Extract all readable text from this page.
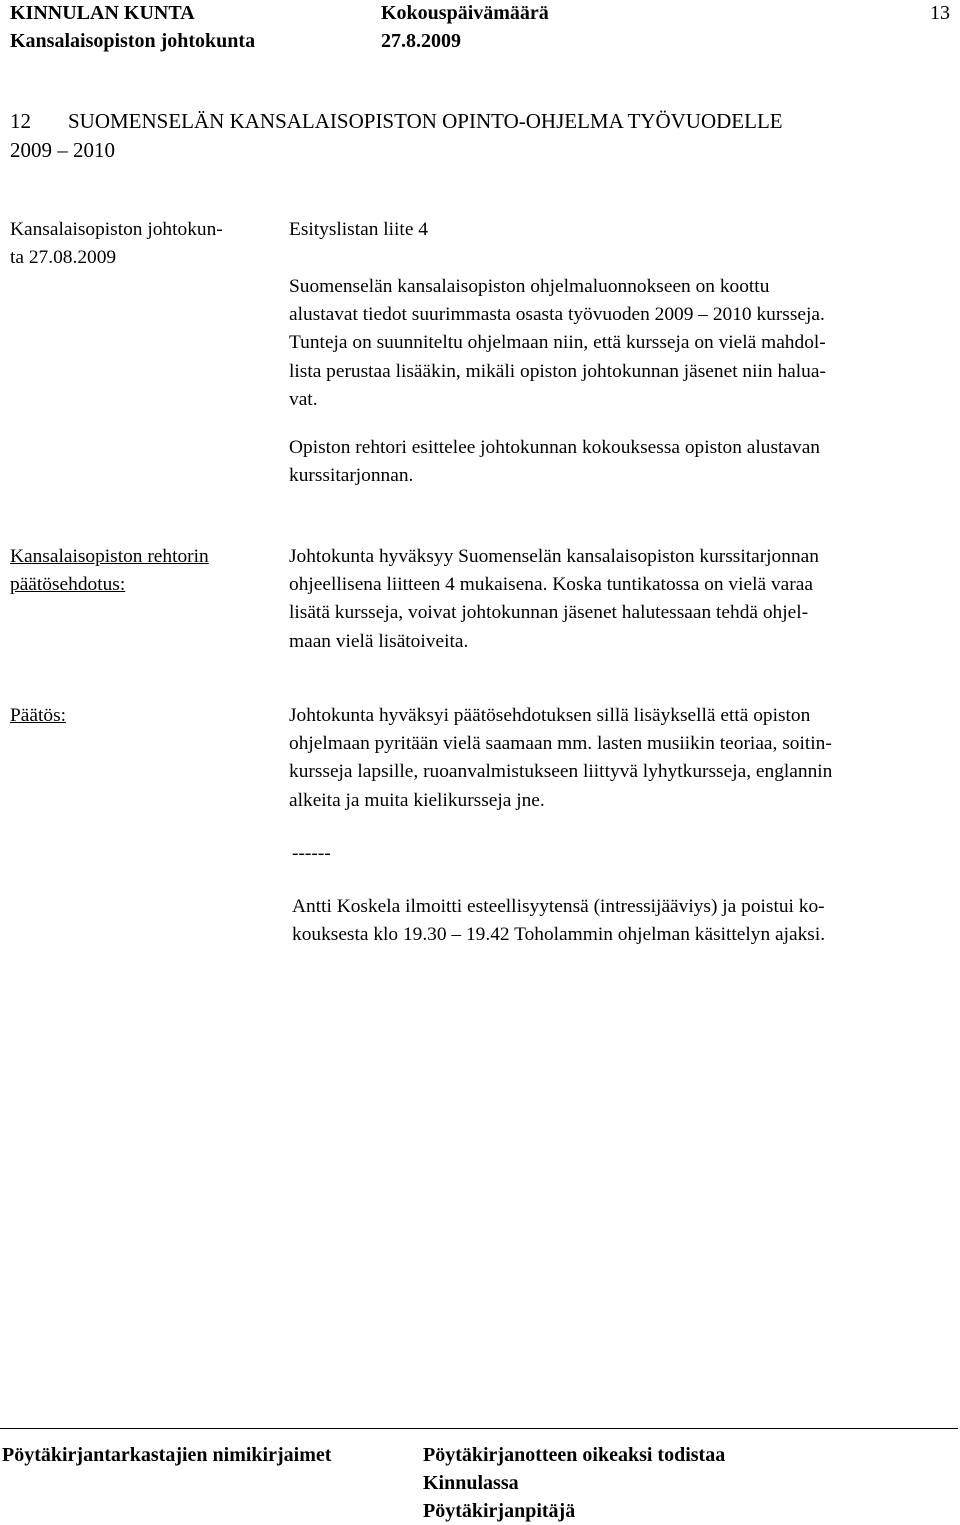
KINNULAN KUNTA	Kokouspäivämäärä	13
Kansalaisopiston johtokunta	27.8.2009
12 SUOMENSELÄN KANSALAISOPISTON OPINTO-OHJELMA TYÖVUODELLE
2009 – 2010
Kansalaisopiston johtokun-
ta 27.08.2009
Esityslistan liite 4
Suomenselän kansalaisopiston ohjelmaluonnokseen on koottu
alustavat tiedot suurimmasta osasta työvuoden 2009 – 2010 kursseja.
Tunteja on suunniteltu ohjelmaan niin, että kursseja on vielä mahdol-
lista perustaa lisääkin, mikäli opiston johtokunnan jäsenet niin halua-
vat.
Opiston rehtori esittelee johtokunnan kokouksessa opiston alustavan
kurssitarjonnan.
Kansalaisopiston rehtorin
päätösehdotus:
Johtokunta hyväksyy Suomenselän kansalaisopiston kurssitarjonnan
ohjeellisena liitteen 4 mukaisena. Koska tuntikatossa on vielä varaa
lisätä kursseja, voivat johtokunnan jäsenet halutessaan tehdä ohjel-
maan vielä lisätoiveita.
Päätös:	Johtokunta hyväksyi päätösehdotuksen sillä lisäyksellä että opiston
ohjelmaan pyritään vielä saamaan mm. lasten musiikin teoriaa, soitin-
kursseja lapsille, ruoanvalmistukseen liittyvä lyhytkursseja, englannin
alkeita ja muita kielikursseja jne.
------
Antti Koskela ilmoitti esteellisyytensä (intressijääviys) ja poistui ko-
kouksesta klo 19.30 – 19.42 Toholammin ohjelman käsittelyn ajaksi.
Pöytäkirjantarkastajien nimikirjaimet	Pöytäkirjanotteen oikeaksi todistaa
Kinnulassa
Pöytäkirjanpitäjä
